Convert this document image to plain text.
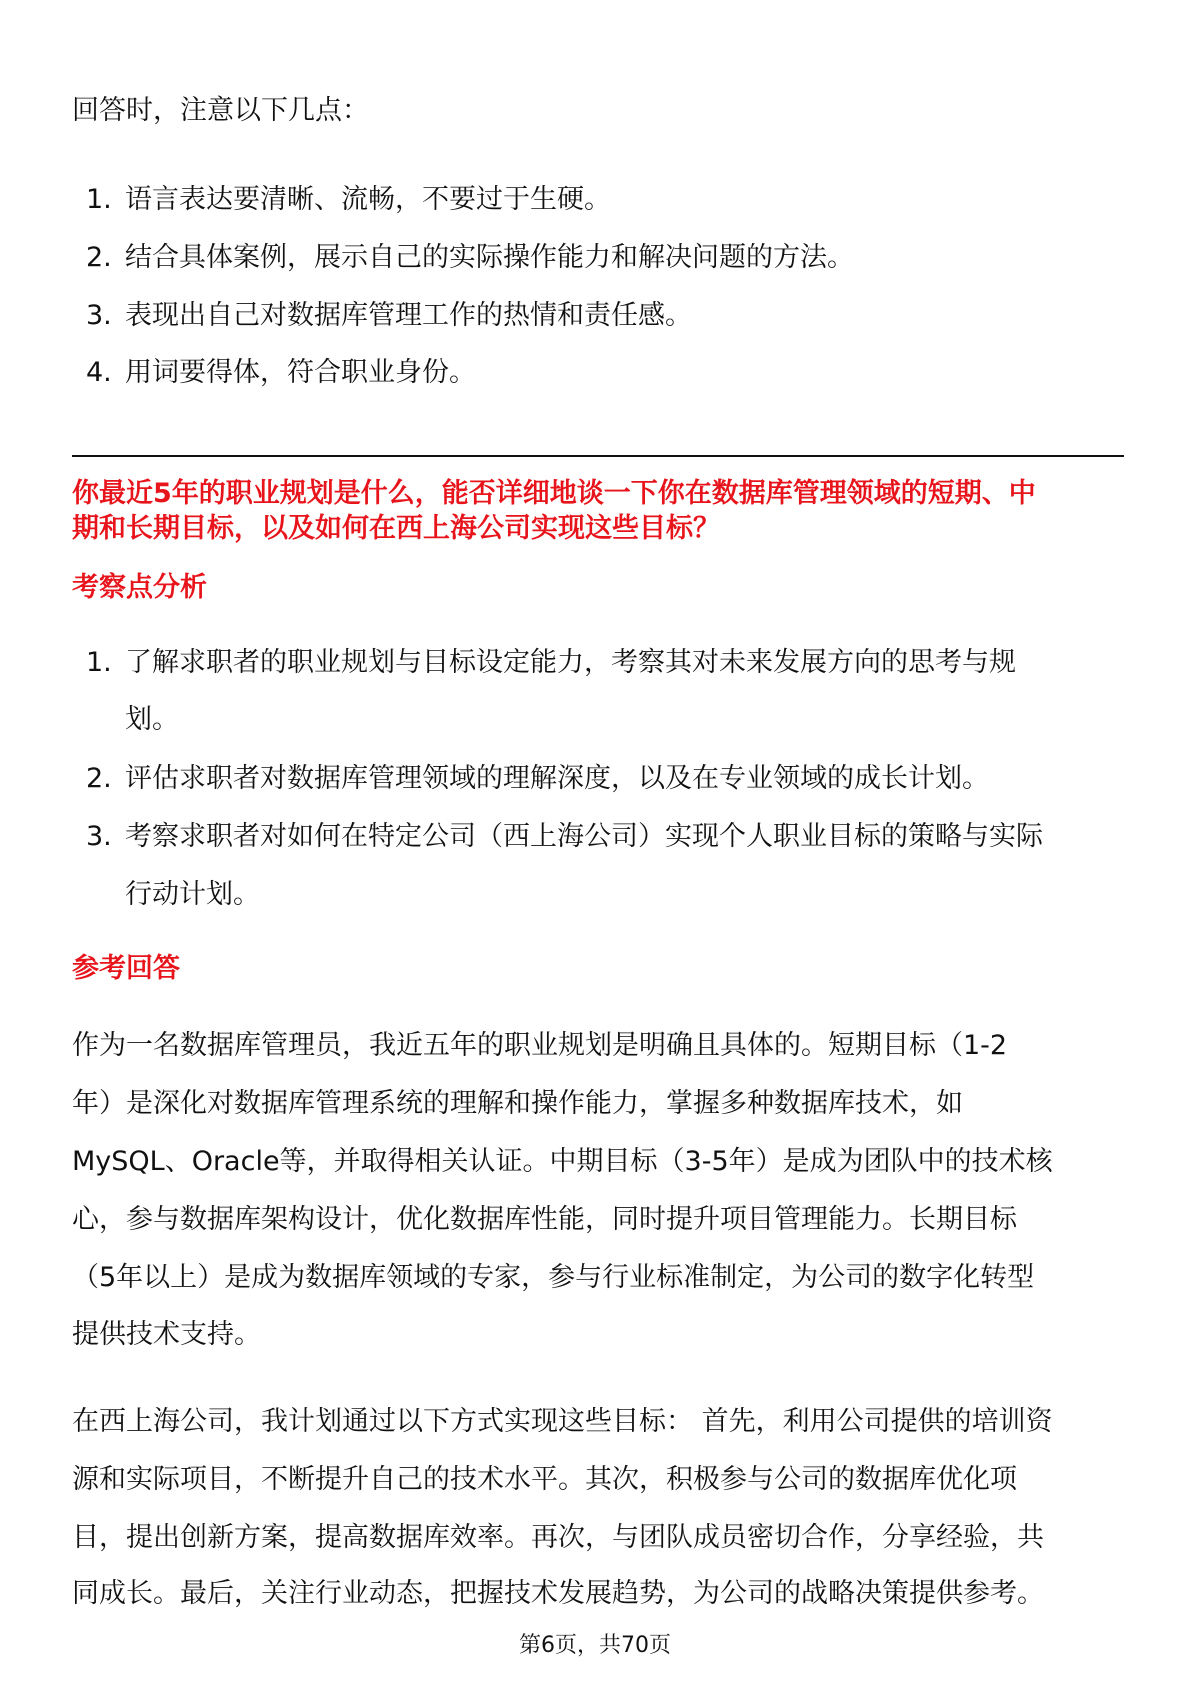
回答时，注意以下几点：
1. 语言表达要清晰、流畅，不要过于生硬。
2. 结合具体案例，展示自己的实际操作能力和解决问题的方法。
3. 表现出自己对数据库管理工作的热情和责任感。
4. 用词要得体，符合职业身份。
你最近5年的职业规划是什么，能否详细地谈一下你在数据库管理领域的短期、中
期和长期目标，以及如何在西上海公司实现这些目标？
考察点分析
1. 了解求职者的职业规划与目标设定能力，考察其对未来发展方向的思考与规
划。
2. 评估求职者对数据库管理领域的理解深度，以及在专业领域的成长计划。
3. 考察求职者对如何在特定公司（西上海公司）实现个人职业目标的策略与实际
行动计划。
参考回答
作为一名数据库管理员，我近五年的职业规划是明确且具体的。短期目标（1-2
年）是深化对数据库管理系统的理解和操作能力，掌握多种数据库技术，如
MySQL、Oracle等，并取得相关认证。中期目标（3-5年）是成为团队中的技术核
心，参与数据库架构设计，优化数据库性能，同时提升项目管理能力。长期目标
（5年以上）是成为数据库领域的专家，参与行业标准制定，为公司的数字化转型
提供技术支持。
在西上海公司，我计划通过以下方式实现这些目标： 首先，利用公司提供的培训资
源和实际项目，不断提升自己的技术水平。其次，积极参与公司的数据库优化项
目，提出创新方案，提高数据库效率。再次，与团队成员密切合作，分享经验，共
同成长。最后，关注行业动态，把握技术发展趋势，为公司的战略决策提供参考。
第6页，共70页
